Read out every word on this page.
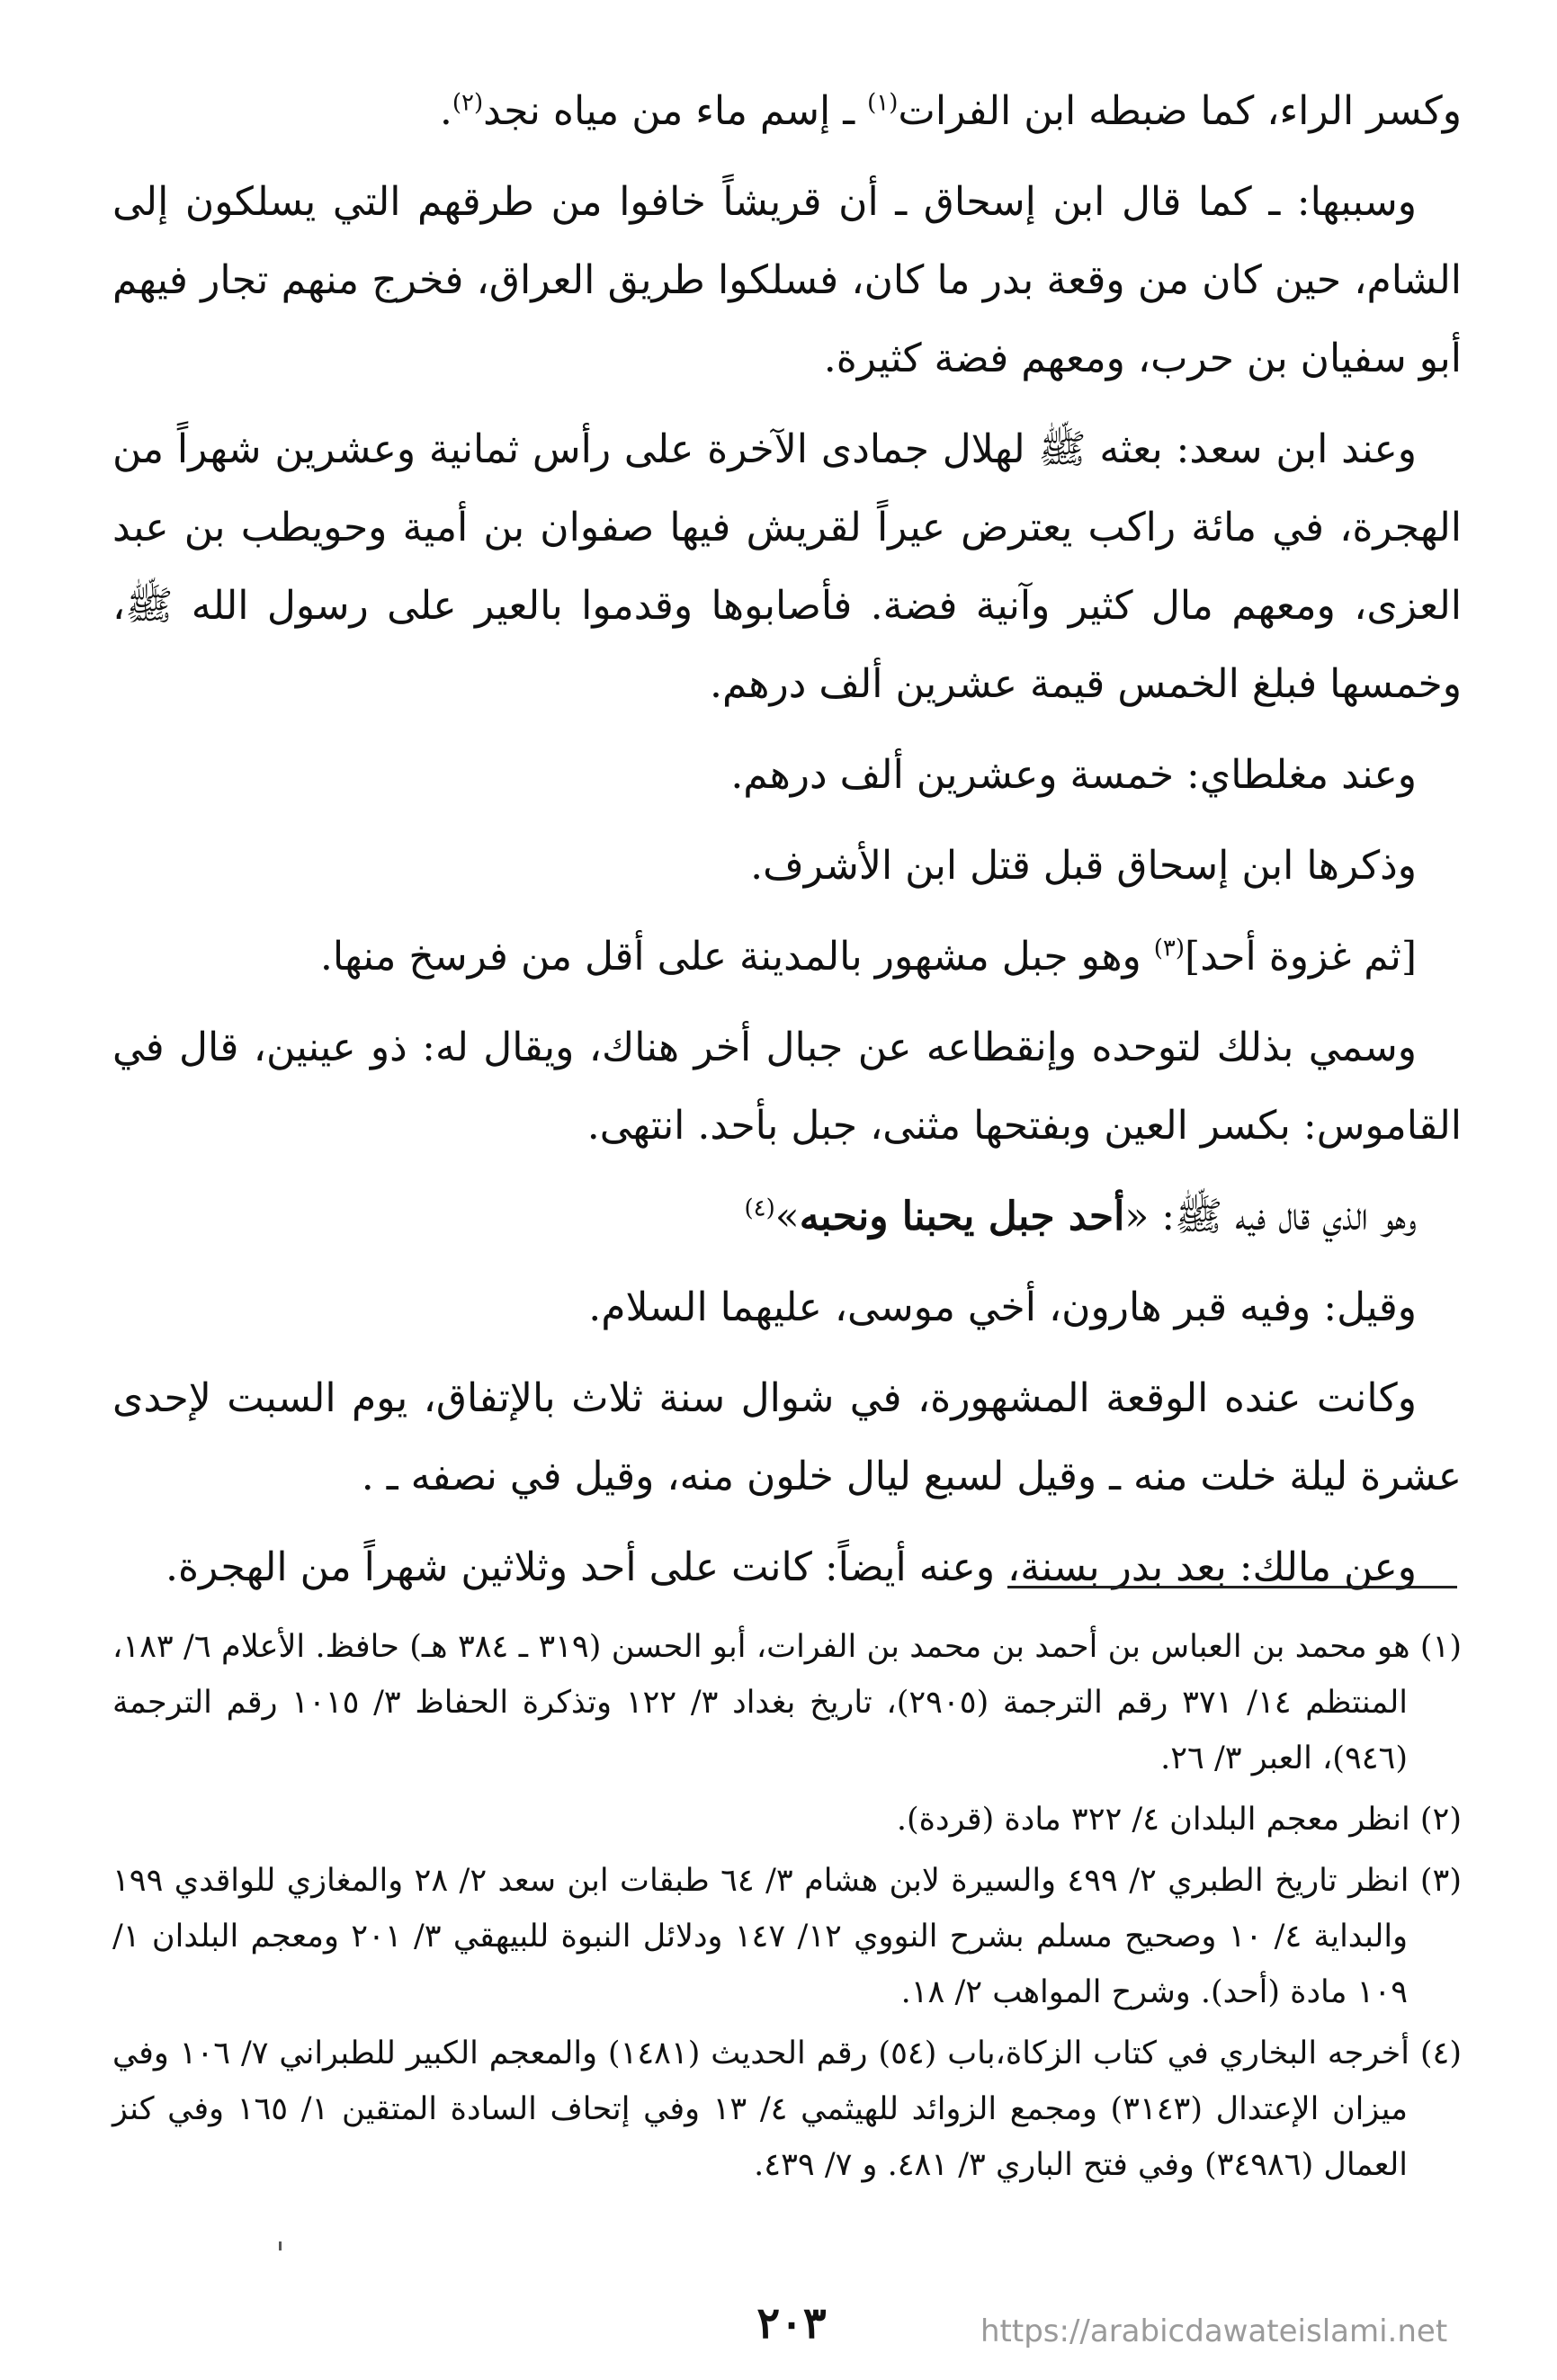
وكسر الراء، كما ضبطه ابن الفرات$^{(١)}$ ـ إسم ماء من مياه نجد$^{(٢)}$.

وسببها: ـ كما قال ابن إسحاق ـ أن قريشاً خافوا من طرقهم التي يسلكون إلى الشام، حين كان من وقعة بدر ما كان، فسلكوا طريق العراق، فخرج منهم تجار فيهم أبو سفيان بن حرب، ومعهم فضة كثيرة.

وعند ابن سعد: بعثه ﷺ لهلال جمادى الآخرة على رأس ثمانية وعشرين شهراً من الهجرة، في مائة راكب يعترض عيراً لقريش فيها صفوان بن أمية وحويطب بن عبد العزى، ومعهم مال كثير وآنية فضة. فأصابوها وقدموا بالعير على رسول الله ﷺ، وخمسها فبلغ الخمس قيمة عشرين ألف درهم.

وعند مغلطاي: خمسة وعشرين ألف درهم.

وذكرها ابن إسحاق قبل قتل ابن الأشرف.

[ثم غزوة أحد]$^{(٣)}$ وهو جبل مشهور بالمدينة على أقل من فرسخ منها.

وسمي بذلك لتوحده وإنقطاعه عن جبال أخر هناك، ويقال له: ذو عينين، قال في القاموس: بكسر العين وبفتحها مثنى، جبل بأحد. انتهى.

وهو الذي قال فيه ﷺ: «أحد جبل يحبنا ونحبه»$^{(٤)}$

وقيل: وفيه قبر هارون، أخي موسى، عليهما السلام.

وكانت عنده الوقعة المشهورة، في شوال سنة ثلاث بالإتفاق، يوم السبت لإحدى عشرة ليلة خلت منه ـ وقيل لسبع ليال خلون منه، وقيل في نصفه ـ .

وعن مالك: بعد بدر بسنة، وعنه أيضاً: كانت على أحد وثلاثين شهراً من الهجرة.

(١) هو محمد بن العباس بن أحمد بن محمد بن الفرات، أبو الحسن (٣١٩ ـ ٣٨٤ هـ) حافظ. الأعلام ٦/ ١٨٣، المنتظم ١٤/ ٣٧١ رقم الترجمة (٢٩٠٥)، تاريخ بغداد ٣/ ١٢٢ وتذكرة الحفاظ ٣/ ١٠١٥ رقم الترجمة (٩٤٦)، العبر ٣/ ٢٦.

(٢) انظر معجم البلدان ٤/ ٣٢٢ مادة (قردة).

(٣) انظر تاريخ الطبري ٢/ ٤٩٩ والسيرة لابن هشام ٣/ ٦٤ طبقات ابن سعد ٢/ ٢٨ والمغازي للواقدي ١٩٩ والبداية ٤/ ١٠ وصحيح مسلم بشرح النووي ١٢/ ١٤٧ ودلائل النبوة للبيهقي ٣/ ٢٠١ ومعجم البلدان ١/ ١٠٩ مادة (أحد). وشرح المواهب ٢/ ١٨.

(٤) أخرجه البخاري في كتاب الزكاة،باب (٥٤) رقم الحديث (١٤٨١) والمعجم الكبير للطبراني ٧/ ١٠٦ وفي ميزان الإعتدال (٣١٤٣) ومجمع الزوائد للهيثمي ٤/ ١٣ وفي إتحاف السادة المتقين ١/ ١٦٥ وفي كنز العمال (٣٤٩٨٦) وفي فتح الباري ٣/ ٤٨١. و ٧/ ٤٣٩.

٢٠٣	https://arabicdawateislami.net
